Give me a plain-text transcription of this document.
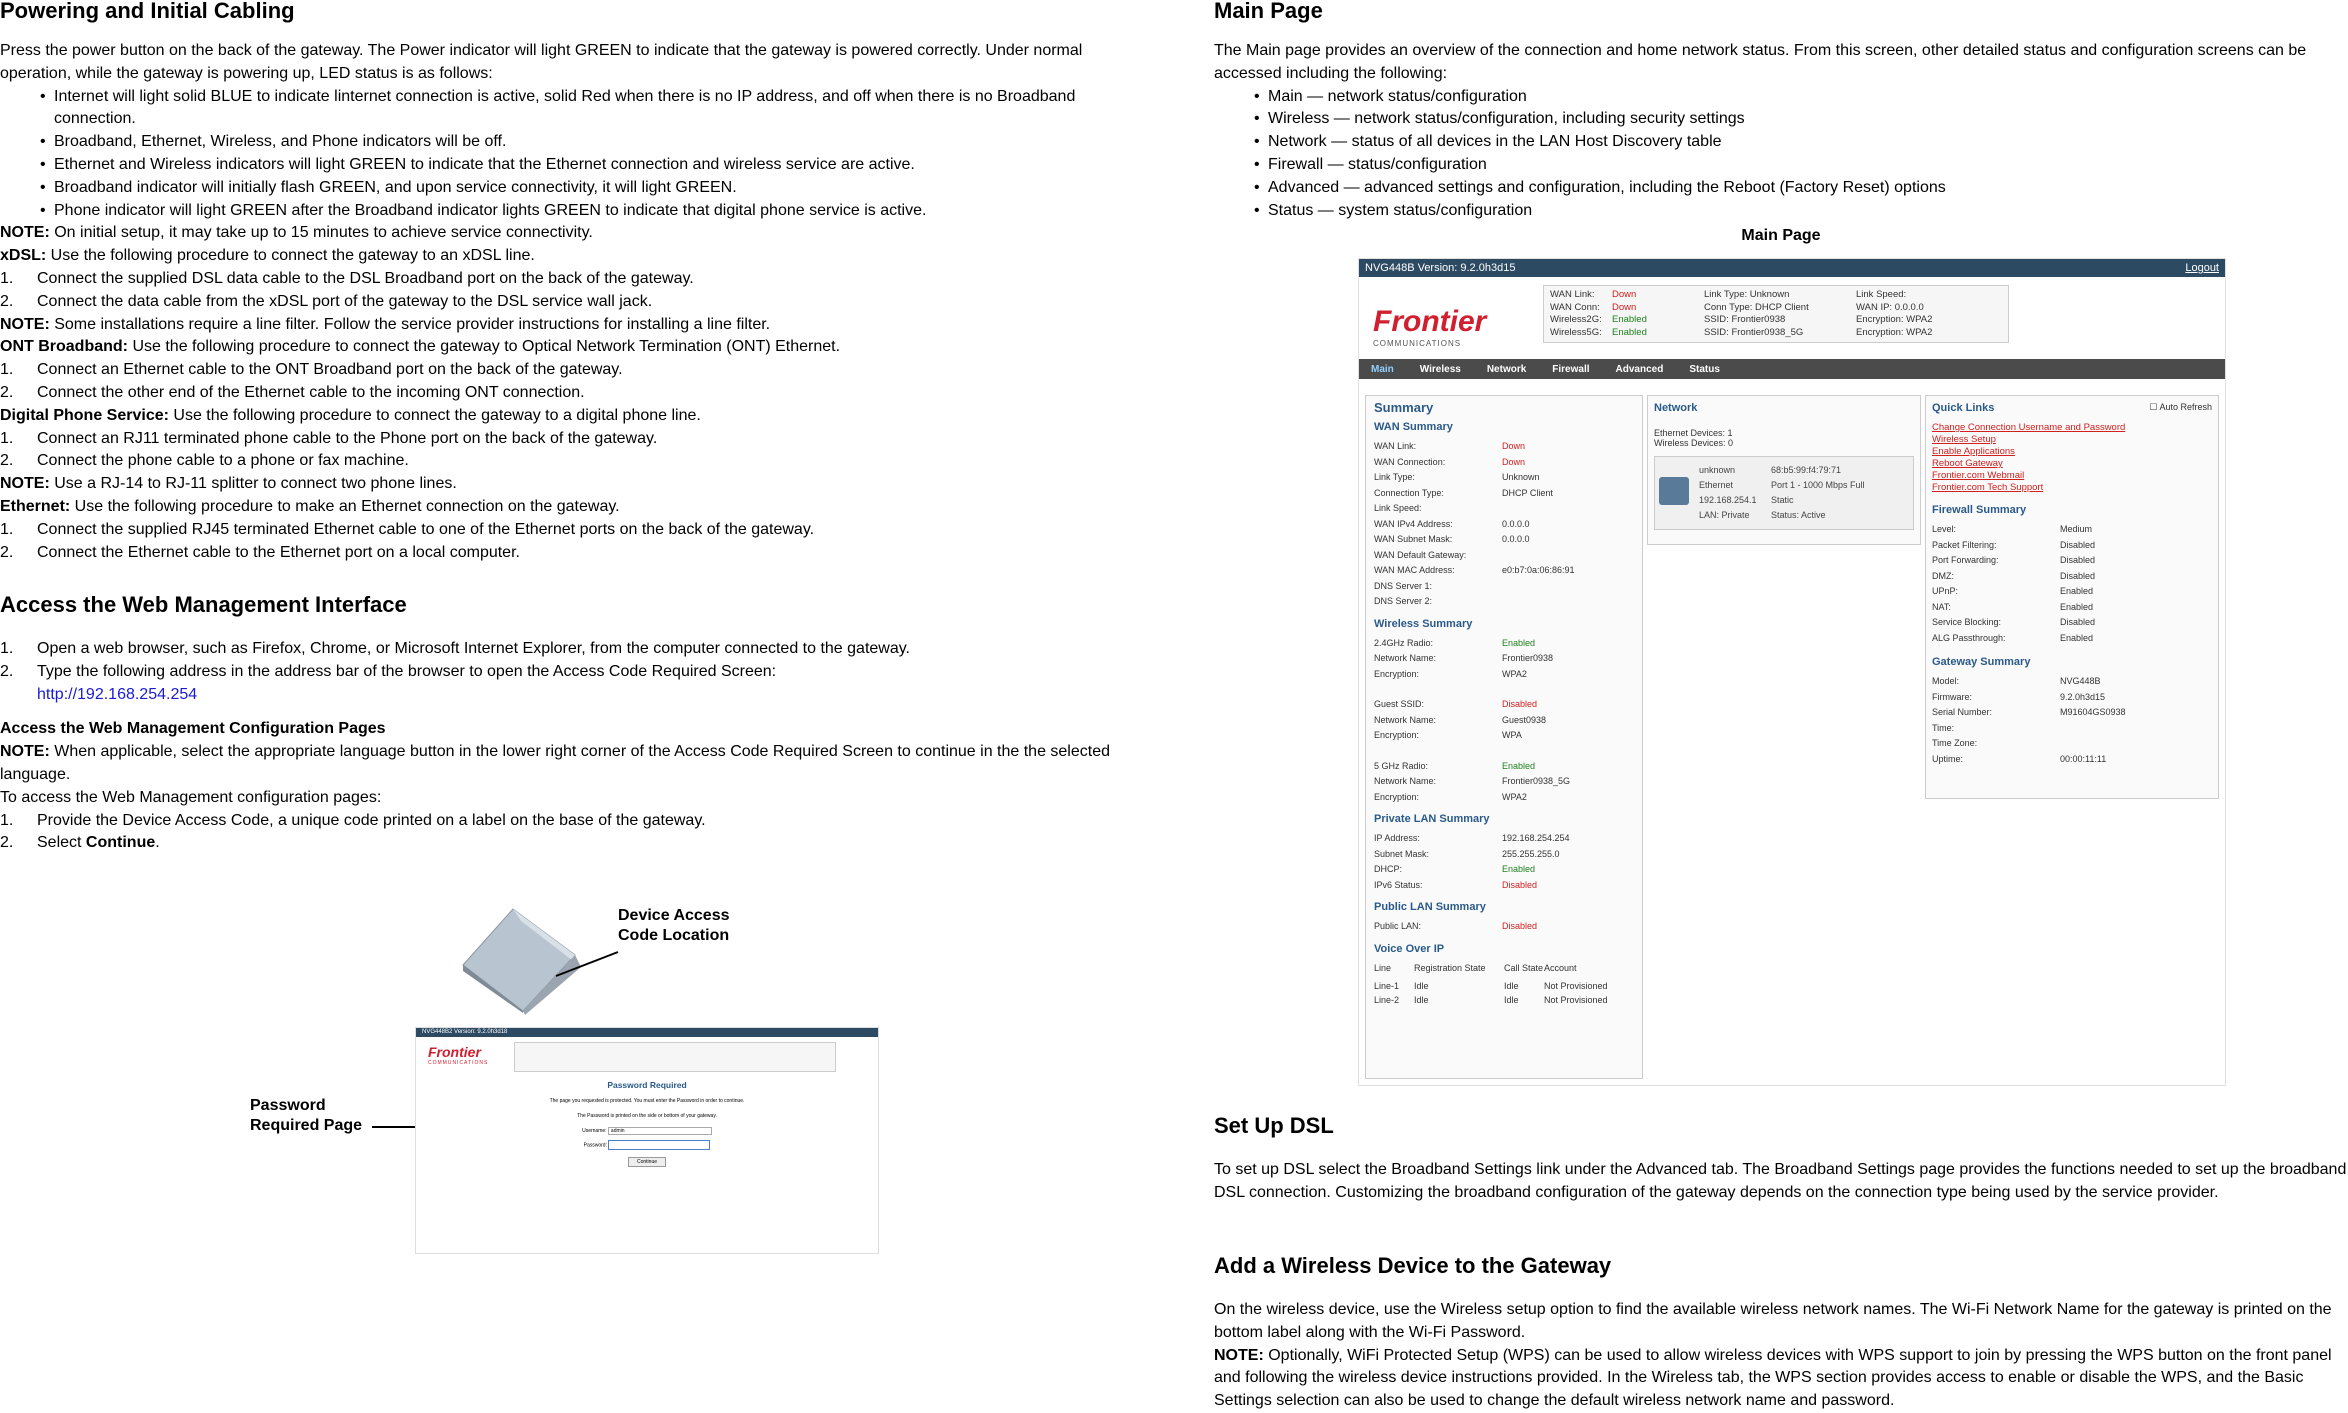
Powering and Initial Cabling

Press the power button on the back of the gateway. The Power indicator will light GREEN to indicate that the gateway is powered correctly. Under normal operation, while the gateway is powering up, LED status is as follows:

• Internet will light solid BLUE to indicate linternet connection is active, solid Red when there is no IP address, and off when there is no Broadband connection.

• Broadband, Ethernet, Wireless, and Phone indicators will be off.

• Ethernet and Wireless indicators will light GREEN to indicate that the Ethernet connection and wireless service are active.

• Broadband indicator will initially flash GREEN, and upon service connectivity, it will light GREEN.

• Phone indicator will light GREEN after the Broadband indicator lights GREEN to indicate that digital phone service is active.

NOTE: On initial setup, it may take up to 15 minutes to achieve service connectivity.

xDSL: Use the following procedure to connect the gateway to an xDSL line.

1. Connect the supplied DSL data cable to the DSL Broadband port on the back of the gateway.

2. Connect the data cable from the xDSL port of the gateway to the DSL service wall jack.

NOTE: Some installations require a line filter. Follow the service provider instructions for installing a line filter.

ONT Broadband: Use the following procedure to connect the gateway to Optical Network Termination (ONT) Ethernet.

1. Connect an Ethernet cable to the ONT Broadband port on the back of the gateway.

2. Connect the other end of the Ethernet cable to the incoming ONT connection.

Digital Phone Service: Use the following procedure to connect the gateway to a digital phone line.

1. Connect an RJ11 terminated phone cable to the Phone port on the back of the gateway.

2. Connect the phone cable to a phone or fax machine.

NOTE: Use a RJ-14 to RJ-11 splitter to connect two phone lines.

Ethernet: Use the following procedure to make an Ethernet connection on the gateway.

1. Connect the supplied RJ45 terminated Ethernet cable to one of the Ethernet ports on the back of the gateway.

2. Connect the Ethernet cable to the Ethernet port on a local computer.

Access the Web Management Interface

1. Open a web browser, such as Firefox, Chrome, or Microsoft Internet Explorer, from the computer connected to the gateway.

2. Type the following address in the address bar of the browser to open the Access Code Required Screen:

http://192.168.254.254

Access the Web Management Configuration Pages

NOTE: When applicable, select the appropriate language button in the lower right corner of the Access Code Required Screen to continue in the the selected language.

To access the Web Management configuration pages:

1. Provide the Device Access Code, a unique code printed on a label on the base of the gateway.

2. Select Continue.

Device Access
Code Location
Password
Required Page
NVG448B2 Version: 9.2.0h3d18
Frontier
COMMUNICATIONS
Password Required
The page you requested is protected. You must enter the Password in order to continue.
The Password is printed on the side or bottom of your gateway.
Username: admin
Password:
Continue
Main Page

The Main page provides an overview of the connection and home network status. From this screen, other detailed status and configuration screens can be accessed including the following:

• Main — network status/configuration

• Wireless — network status/configuration, including security settings

• Network — status of all devices in the LAN Host Discovery table

• Firewall — status/configuration

• Advanced — advanced settings and configuration, including the Reboot (Factory Reset) options

• Status — system status/configuration

Main Page
NVG448B Version: 9.2.0h3d15	Logout
Frontier
COMMUNICATIONS
WAN Link:	Down	Link Type: Unknown	Link Speed:
WAN Conn:	Down	Conn Type: DHCP Client	WAN IP: 0.0.0.0
Wireless2G:	Enabled	SSID: Frontier0938	Encryption: WPA2
Wireless5G:	Enabled	SSID: Frontier0938_5G	Encryption: WPA2
Main	Wireless	Network	Firewall	Advanced	Status
Summary
WAN Summary
WAN Link:	Down
WAN Connection:	Down
Link Type:	Unknown
Connection Type:	DHCP Client
Link Speed:
WAN IPv4 Address:	0.0.0.0
WAN Subnet Mask:	0.0.0.0
WAN Default Gateway:
WAN MAC Address:	e0:b7:0a:06:86:91
DNS Server 1:
DNS Server 2:
Wireless Summary
2.4GHz Radio:	Enabled
Network Name:	Frontier0938
Encryption:	WPA2
Guest SSID:	Disabled
Network Name:	Guest0938
Encryption:	WPA
5 GHz Radio:	Enabled
Network Name:	Frontier0938_5G
Encryption:	WPA2
Private LAN Summary
IP Address:	192.168.254.254
Subnet Mask:	255.255.255.0
DHCP:	Enabled
IPv6 Status:	Disabled
Public LAN Summary
Public LAN:	Disabled
Voice Over IP
Line	Registration State	Call State Account
Line-1	Idle	Idle	Not Provisioned
Line-2	Idle	Idle	Not Provisioned
Network
Ethernet Devices: 1
Wireless Devices: 0
unknown	68:b5:99:f4:79:71
Ethernet	Port 1 - 1000 Mbps Full
192.168.254.1	Static
LAN: Private	Status: Active
Quick Links	☐ Auto Refresh
Change Connection Username and Password
Wireless Setup
Enable Applications
Reboot Gateway
Frontier.com Webmail
Frontier.com Tech Support
Firewall Summary
Level:	Medium
Packet Filtering:	Disabled
Port Forwarding:	Disabled
DMZ:	Disabled
UPnP:	Enabled
NAT:	Enabled
Service Blocking:	Disabled
ALG Passthrough:	Enabled
Gateway Summary
Model:	NVG448B
Firmware:	9.2.0h3d15
Serial Number:	M91604GS0938
Time:
Time Zone:
Uptime:	00:00:11:11
Set Up DSL

To set up DSL select the Broadband Settings link under the Advanced tab. The Broadband Settings page provides the functions needed to set up the broadband DSL connection. Customizing the broadband configuration of the gateway depends on the connection type being used by the service provider.

Add a Wireless Device to the Gateway

On the wireless device, use the Wireless setup option to find the available wireless network names. The Wi-Fi Network Name for the gateway is printed on the bottom label along with the Wi-Fi Password.

NOTE: Optionally, WiFi Protected Setup (WPS) can be used to allow wireless devices with WPS support to join by pressing the WPS button on the front panel and following the wireless device instructions provided. In the Wireless tab, the WPS section provides access to enable or disable the WPS, and the Basic Settings selection can also be used to change the default wireless network name and password.
